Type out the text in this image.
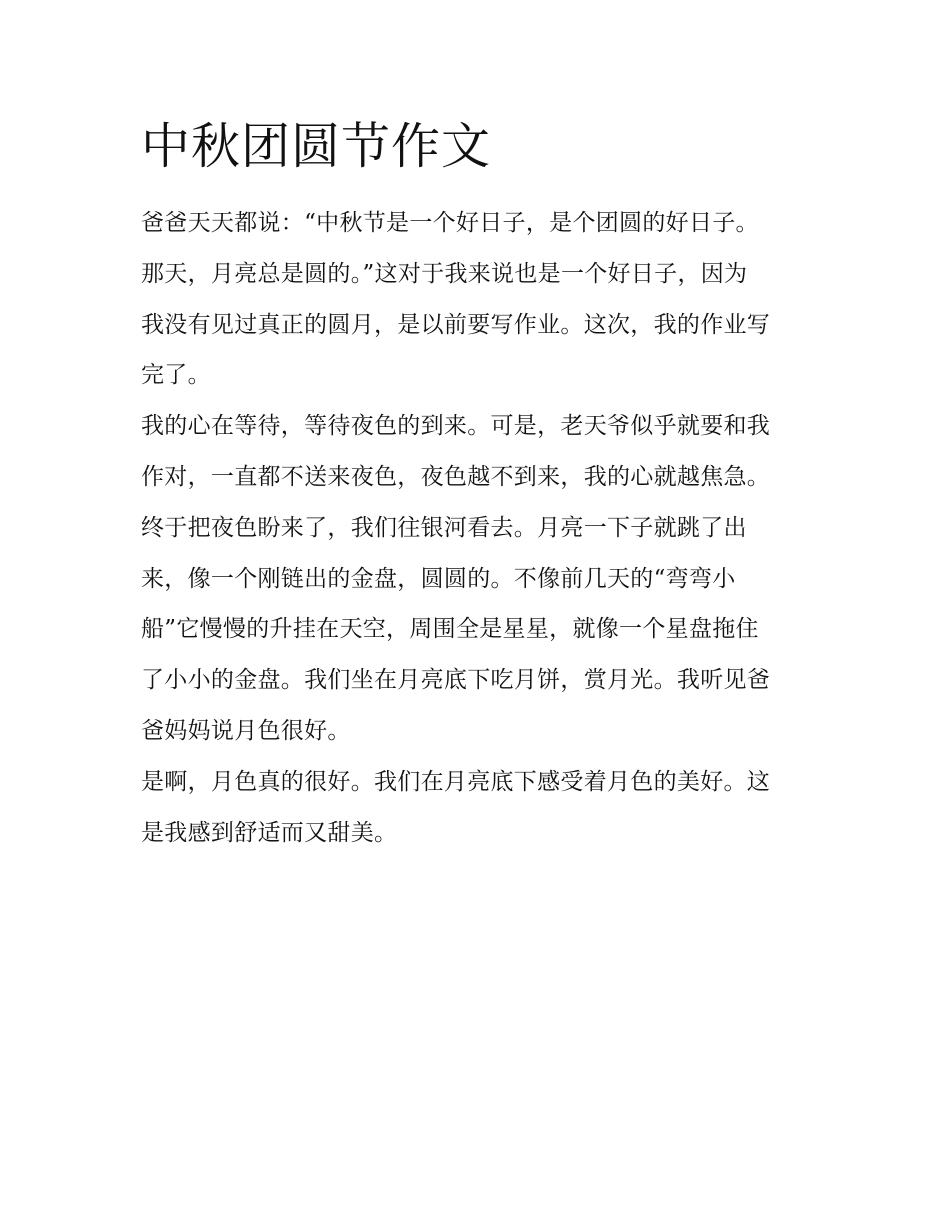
中秋团圆节作文
爸爸天天都说：“中秋节是一个好日子，是个团圆的好日子。
那天，月亮总是圆的。”这对于我来说也是一个好日子，因为
我没有见过真正的圆月，是以前要写作业。这次，我的作业写
完了。
我的心在等待，等待夜色的到来。可是，老天爷似乎就要和我
作对，一直都不送来夜色，夜色越不到来，我的心就越焦急。
终于把夜色盼来了，我们往银河看去。月亮一下子就跳了出
来，像一个刚链出的金盘，圆圆的。不像前几天的“弯弯小
船”它慢慢的升挂在天空，周围全是星星，就像一个星盘拖住
了小小的金盘。我们坐在月亮底下吃月饼，赏月光。我听见爸
爸妈妈说月色很好。
是啊，月色真的很好。我们在月亮底下感受着月色的美好。这
是我感到舒适而又甜美。
